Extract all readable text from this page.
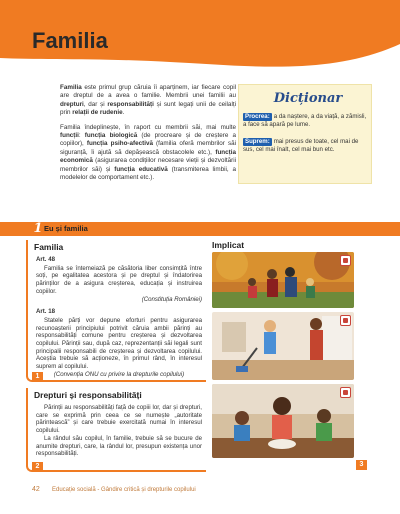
Familia

Familia este primul grup căruia îi aparținem, iar fiecare copil are dreptul de a avea o familie. Membrii unei familii au drepturi, dar și responsabilități și sunt legați unii de ceilalți prin relații de rudenie.

Familia îndeplinește, în raport cu membrii săi, mai multe funcții: funcția biologică (de procreare și de creștere a copiilor), funcția psiho-afectivă (familia oferă membrilor săi siguranță, îi ajută să depășească obstacolele etc.), funcția economică (asigurarea condițiilor necesare vieții și dezvoltării membrilor săi) și funcția educativă (transmiterea limbii, a modelelor de comportament etc.).

Dicționar
Procrea: a da naștere, a da viață, a zămisli, a face să apară pe lume.
Suprem: mai presus de toate, cel mai de sus, cel mai înalt, cel mai bun etc.
1 Eu și familia
Familia
Art. 48
Familia se întemeiază pe căsătoria liber consimțită între soți, pe egalitatea acestora și pe dreptul și îndatorirea părinților de a asigura creșterea, educația și instruirea copiilor.
(Constituția României)
Art. 18
Statele părți vor depune eforturi pentru asigurarea recunoașterii principiului potrivit căruia ambii părinți au responsabilități comune pentru creșterea și dezvoltarea copilului. Părinții sau, după caz, reprezentanții săi legali sunt principalii responsabili de creșterea și dezvoltarea copilului. Aceștia trebuie să acționeze, în primul rând, în interesul suprem al copilului.
(Convenția ONU cu privire la drepturile copilului)
1
Drepturi și responsabilități
Părinții au responsabilități față de copiii lor, dar și drepturi, care se exprimă prin ceea ce se numește „autoritate părintească” și care trebuie exercitată numai în interesul copilului.
La rândul său copilul, în familie, trebuie să se bucure de anumite drepturi, care, la rândul lor, presupun existența unor responsabilități.
2
Implicat
3
42 Educație socială - Gândire critică și drepturile copilului
